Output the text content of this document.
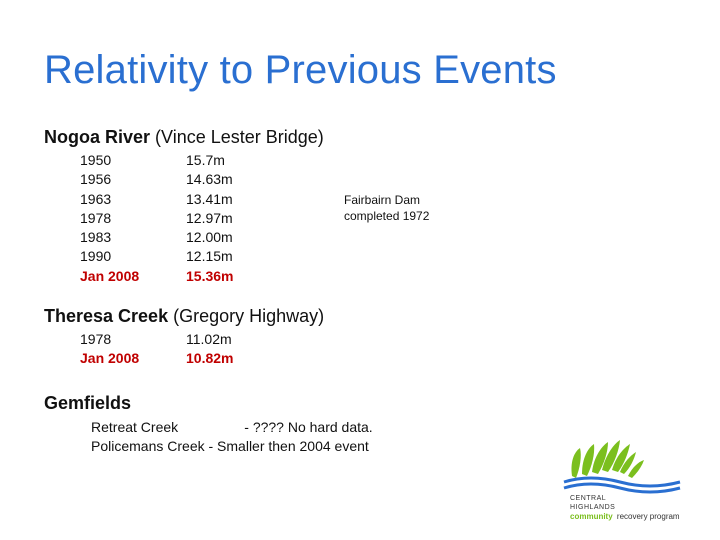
Relativity to Previous Events
Nogoa River (Vince Lester Bridge)
1950	15.7m
1956	14.63m
1963	13.41m
1978	12.97m
1983	12.00m
1990	12.15m
Jan 2008	15.36m
Fairbairn Dam
completed 1972
Theresa Creek (Gregory Highway)
1978	11.02m
Jan 2008	10.82m
Gemfields
Retreat Creek                 - ???? No hard data.
Policemans Creek - Smaller then 2004 event
CENTRAL
HIGHLANDS
community recovery program
